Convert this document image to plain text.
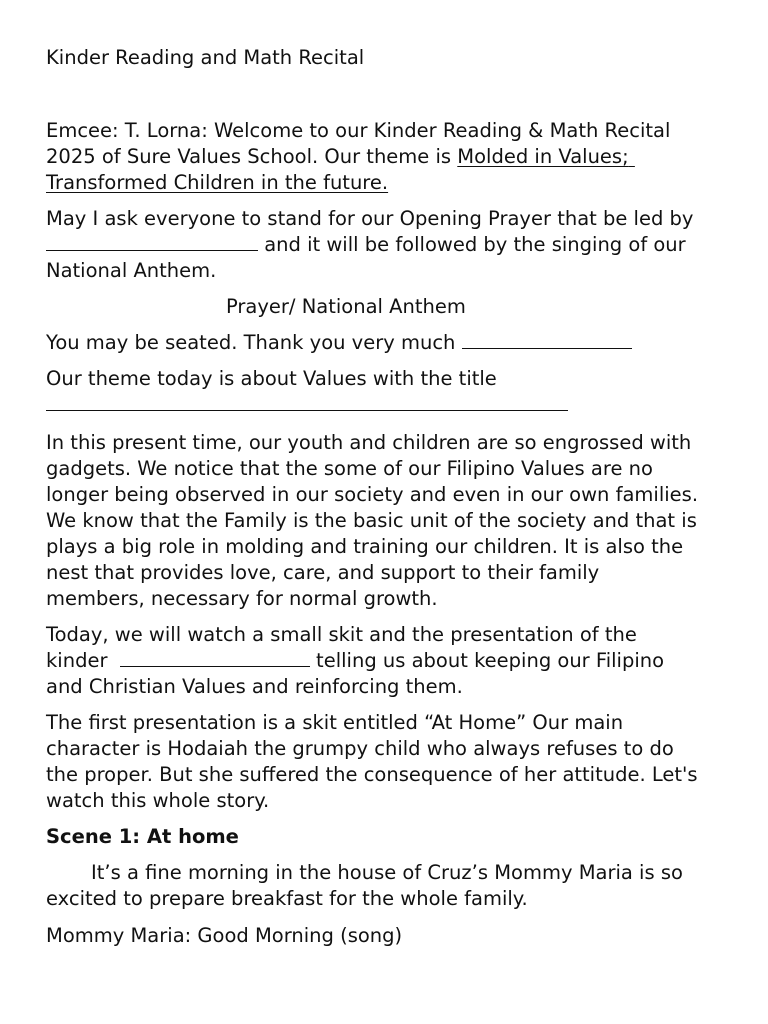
Kinder Reading and Math Recital
Emcee: T. Lorna: Welcome to our Kinder Reading & Math Recital
2025 of Sure Values School. Our theme is Molded in Values;
Transformed Children in the future.
May I ask everyone to stand for our Opening Prayer that be led by
and it will be followed by the singing of our
National Anthem.
Prayer/ National Anthem
You may be seated. Thank you very much
Our theme today is about Values with the title
In this present time, our youth and children are so engrossed with
gadgets. We notice that the some of our Filipino Values are no
longer being observed in our society and even in our own families.
We know that the Family is the basic unit of the society and that is
plays a big role in molding and training our children. It is also the
nest that provides love, care, and support to their family
members, necessary for normal growth.
Today, we will watch a small skit and the presentation of the
kinder	telling us about keeping our Filipino
and Christian Values and reinforcing them.
The first presentation is a skit entitled “At Home” Our main
character is Hodaiah the grumpy child who always refuses to do
the proper. But she suffered the consequence of her attitude. Let's
watch this whole story.
Scene 1: At home
It’s a fine morning in the house of Cruz’s Mommy Maria is so
excited to prepare breakfast for the whole family.
Mommy Maria: Good Morning (song)
